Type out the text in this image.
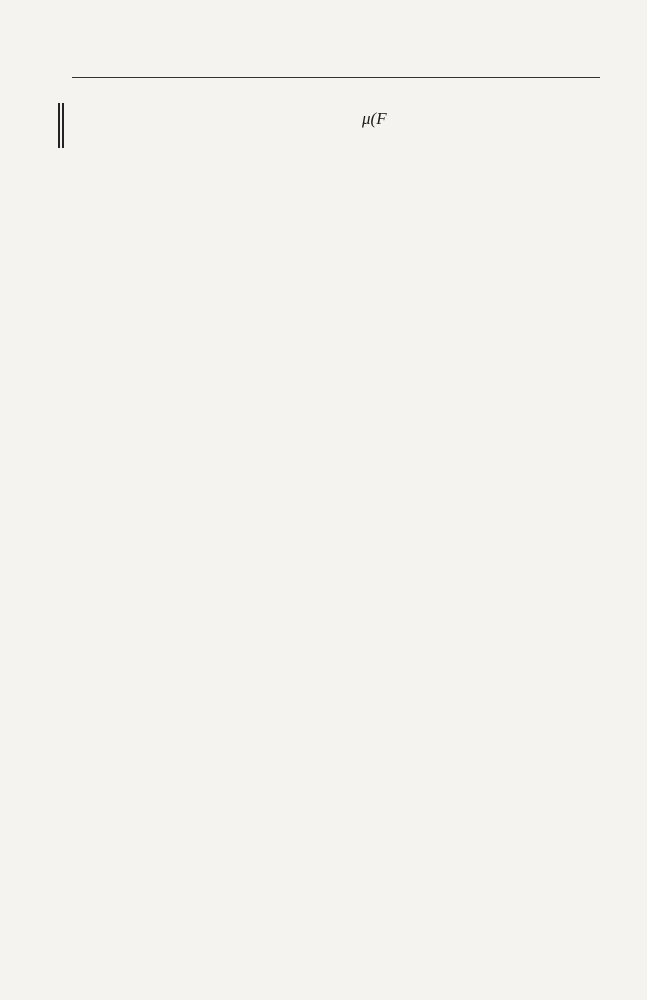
μ(F
